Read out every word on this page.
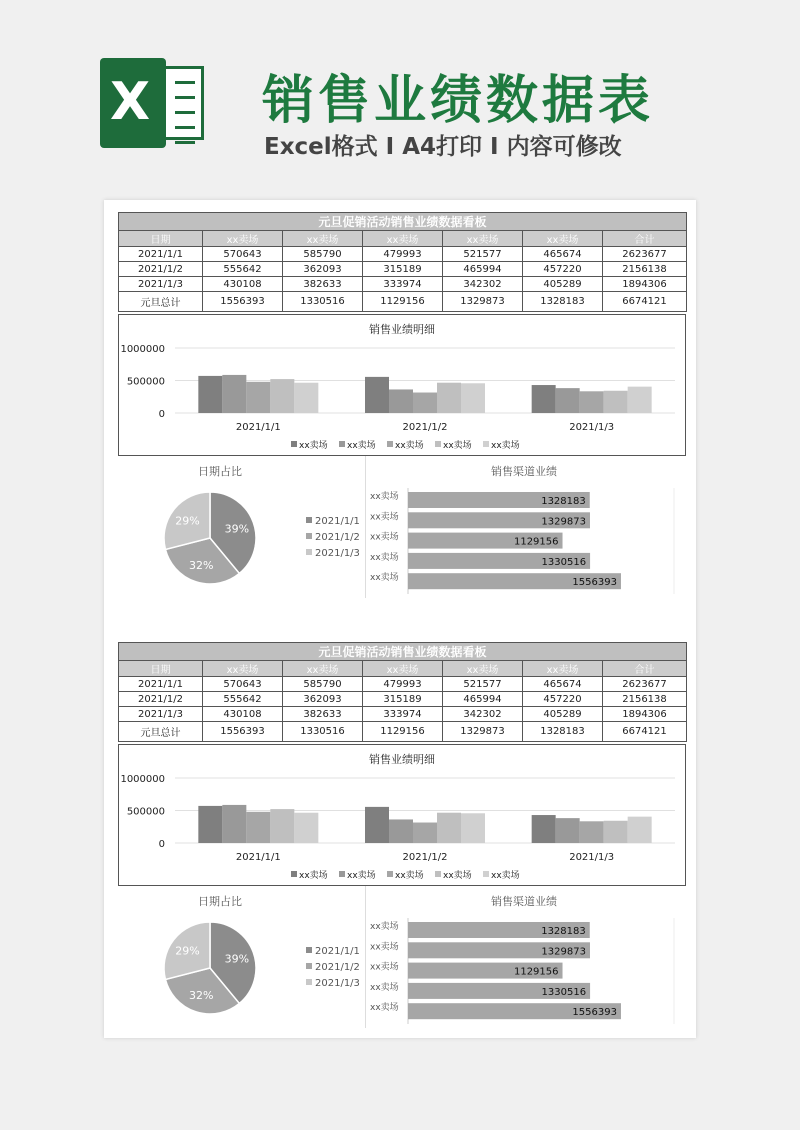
X 销售业绩数据表
Excel格式 I A4打印 I 内容可修改
元旦促销活动销售业绩数据看板						
日期	xx卖场	xx卖场	xx卖场	xx卖场	xx卖场	合计
2021/1/1	570643	585790	479993	521577	465674	2623677
2021/1/2	555642	362093	315189	465994	457220	2156138
2021/1/3	430108	382633	333974	342302	405289	1894306
元旦总计	1556393	1330516	1129156	1329873	1328183	6674121
销售业绩明细
0
500000
1000000
2021/1/1	2021/1/2	2021/1/3
xx卖场 xx卖场 xx卖场 xx卖场 xx卖场
日期占比
39%
32%
29%	2021/1/1
2021/1/2
2021/1/3
销售渠道业绩
xx卖场	1328183
xx卖场	1329873
xx卖场	1129156
xx卖场	1330516
xx卖场	1556393
元旦促销活动销售业绩数据看板						
日期	xx卖场	xx卖场	xx卖场	xx卖场	xx卖场	合计
2021/1/1	570643	585790	479993	521577	465674	2623677
2021/1/2	555642	362093	315189	465994	457220	2156138
2021/1/3	430108	382633	333974	342302	405289	1894306
元旦总计	1556393	1330516	1129156	1329873	1328183	6674121
销售业绩明细
0
500000
1000000
2021/1/1	2021/1/2	2021/1/3
xx卖场 xx卖场 xx卖场 xx卖场 xx卖场
日期占比
39%
32%
29%	2021/1/1
2021/1/2
2021/1/3
销售渠道业绩
xx卖场	1328183
xx卖场	1329873
xx卖场	1129156
xx卖场	1330516
xx卖场	1556393
